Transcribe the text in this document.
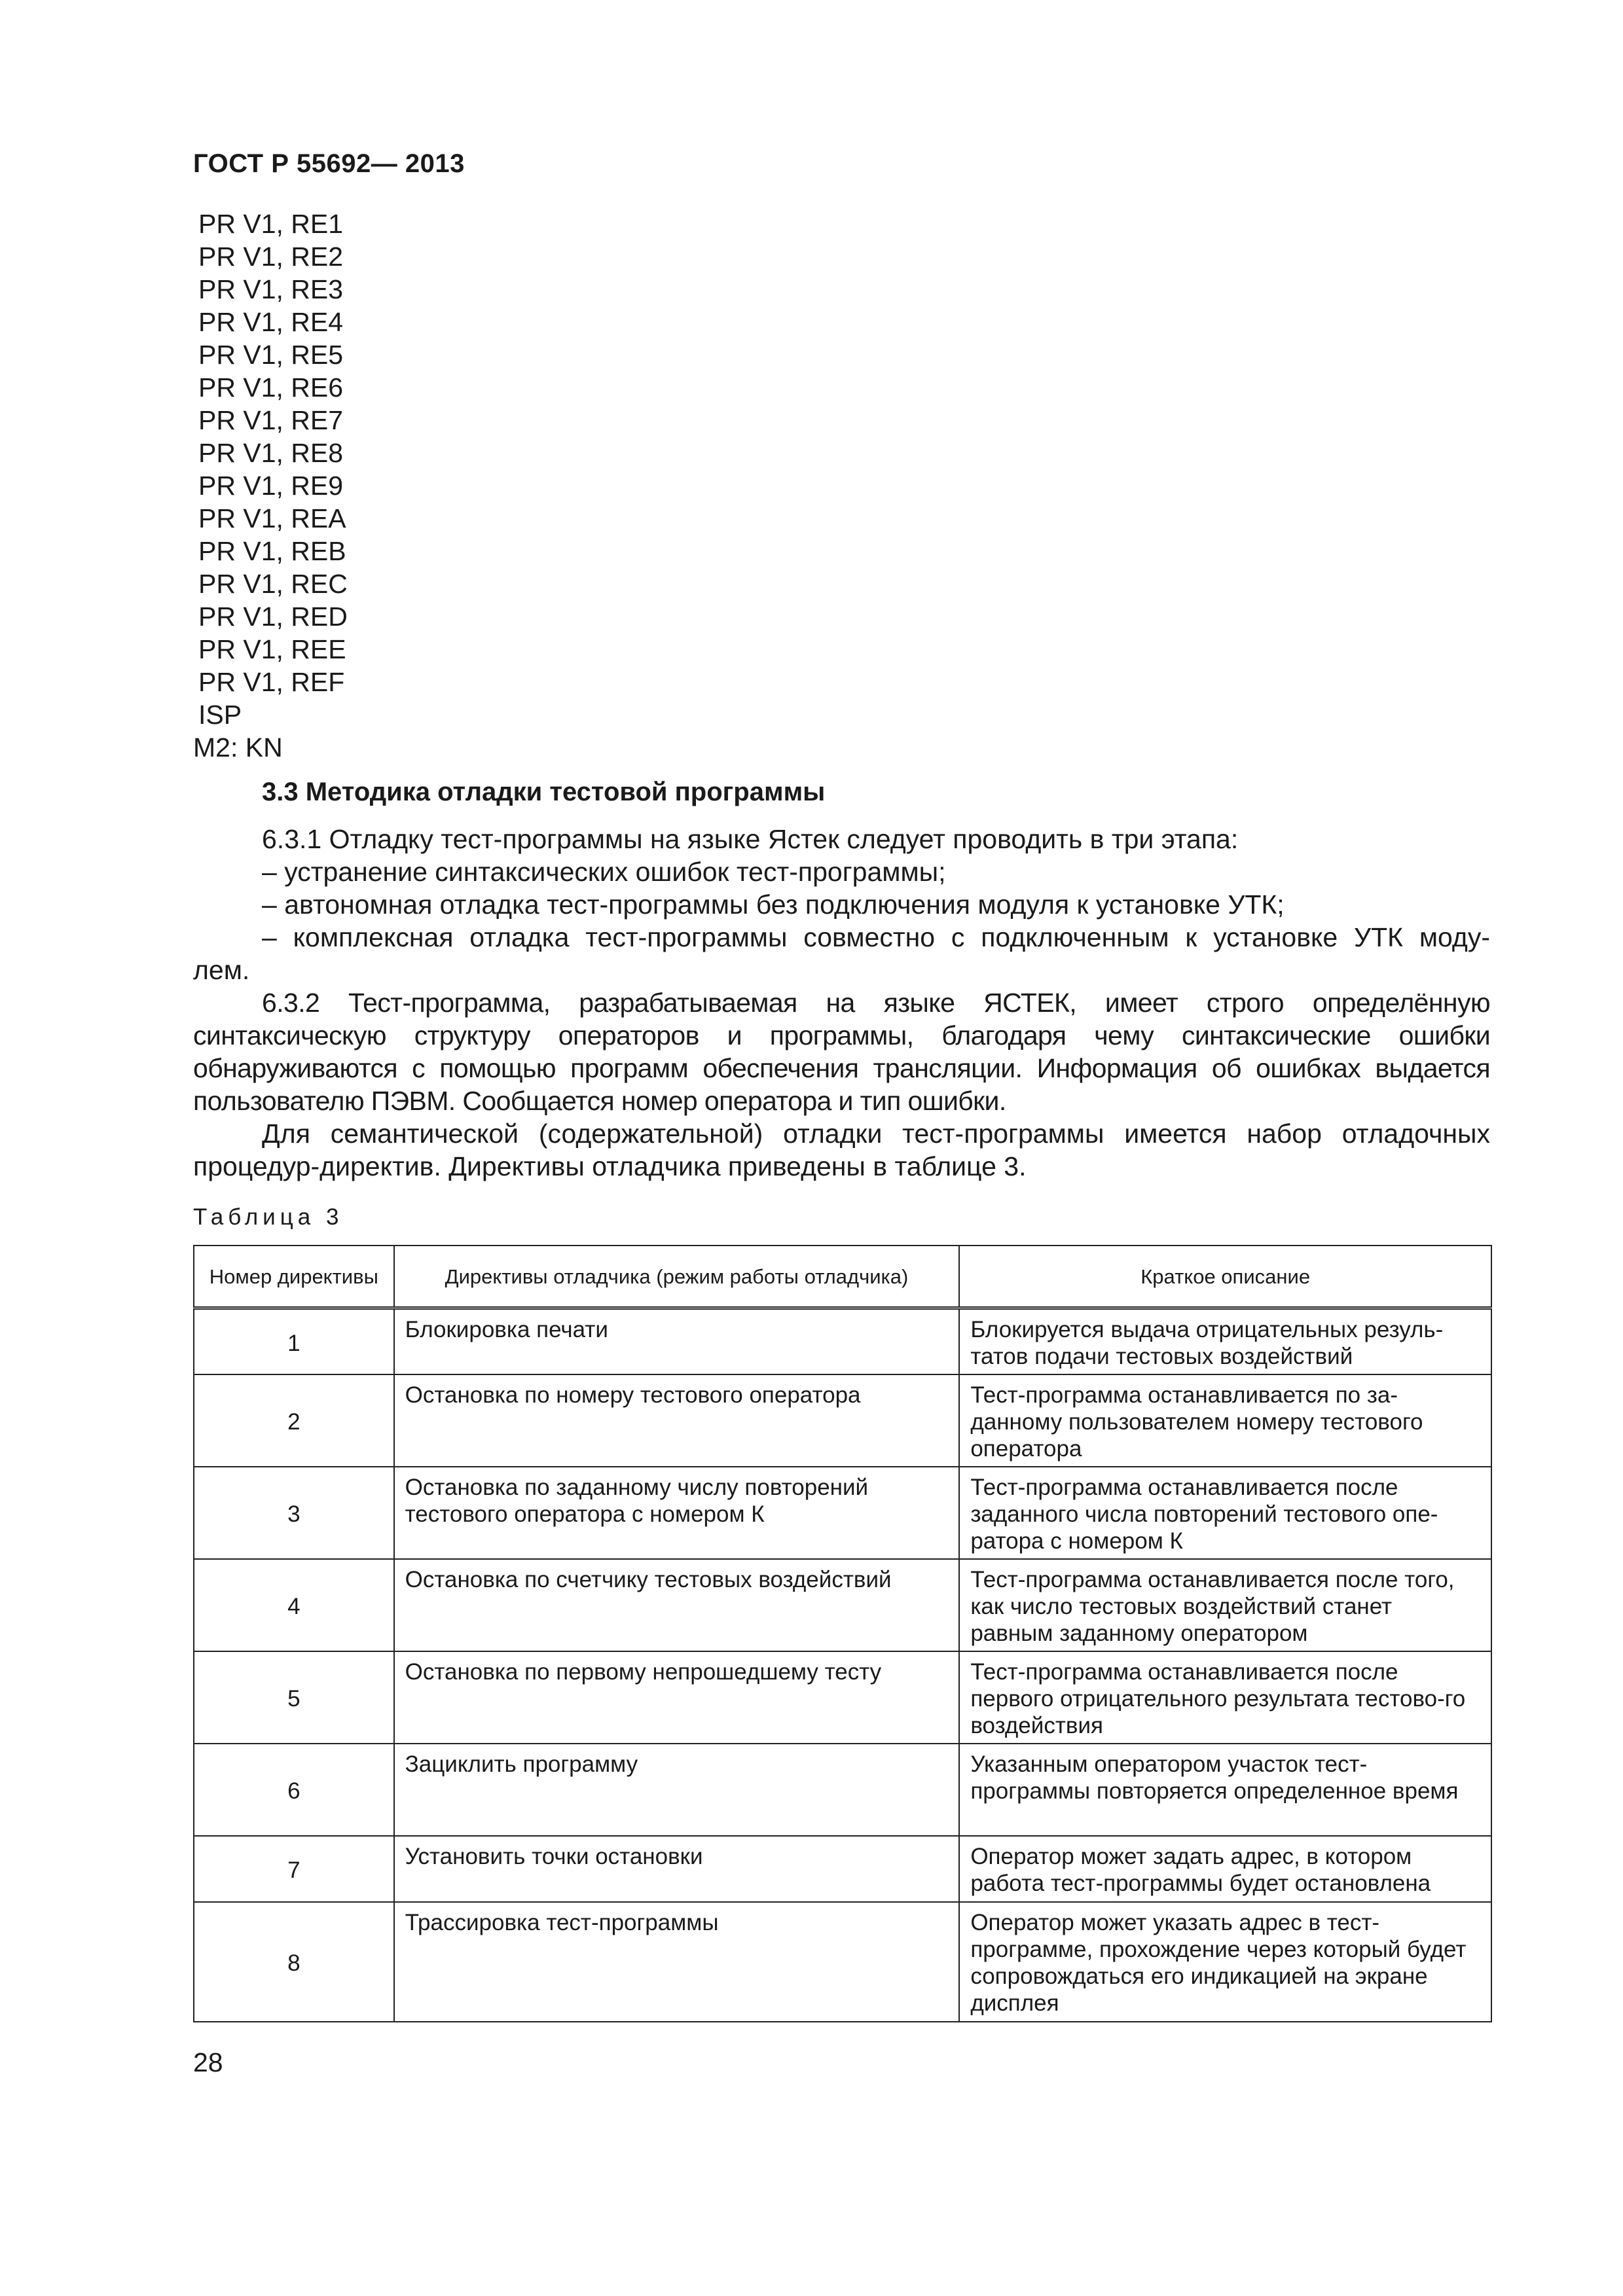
ГОСТ Р 55692— 2013
PR V1, RE1
PR V1, RE2
PR V1, RE3
PR V1, RE4
PR V1, RE5
PR V1, RE6
PR V1, RE7
PR V1, RE8
PR V1, RE9
PR V1, REA
PR V1, REB
PR V1, REC
PR V1, RED
PR V1, REE
PR V1, REF
ISP
M2: KN
3.3 Методика отладки тестовой программы

6.3.1 Отладку тест-программы на языке Ястек следует проводить в три этапа:

– устранение синтаксических ошибок тест-программы;

– автономная отладка тест-программы без подключения модуля к установке УТК;

– комплексная отладка тест-программы совместно с подключенным к установке УТК моду-

лем.

6.3.2 Тест-программа, разрабатываемая на языке ЯСТЕК, имеет строго определённую синтаксическую структуру операторов и программы, благодаря чему синтаксические ошибки обнаруживаются с помощью программ обеспечения трансляции. Информация об ошибках выдается пользователю ПЭВМ. Сообщается номер оператора и тип ошибки.

Для семантической (содержательной) отладки тест-программы имеется набор отладочных процедур-директив. Директивы отладчика приведены в таблице 3.

Таблица 3
Номер директивы	Директивы отладчика (режим работы отладчика)	Краткое описание
1	Блокировка печати	Блокируется выдача отрицательных резуль-татов подачи тестовых воздействий
2	Остановка по номеру тестового оператора	Тест-программа останавливается по за-данному пользователем номеру тестового оператора
3	Остановка по заданному числу повторений тестового оператора с номером К	Тест-программа останавливается после заданного числа повторений тестового опе-ратора с номером К
4	Остановка по счетчику тестовых воздействий	Тест-программа останавливается после того, как число тестовых воздействий станет равным заданному оператором
5	Остановка по первому непрошедшему тесту	Тест-программа останавливается после первого отрицательного результата тестово-го воздействия
6	Зациклить программу	Указанным оператором участок тест-программы повторяется определенное время
7	Установить точки остановки	Оператор может задать адрес, в котором работа тест-программы будет остановлена
8	Трассировка тест-программы	Оператор может указать адрес в тест-программе, прохождение через который будет сопровождаться его индикацией на экране дисплея
28
